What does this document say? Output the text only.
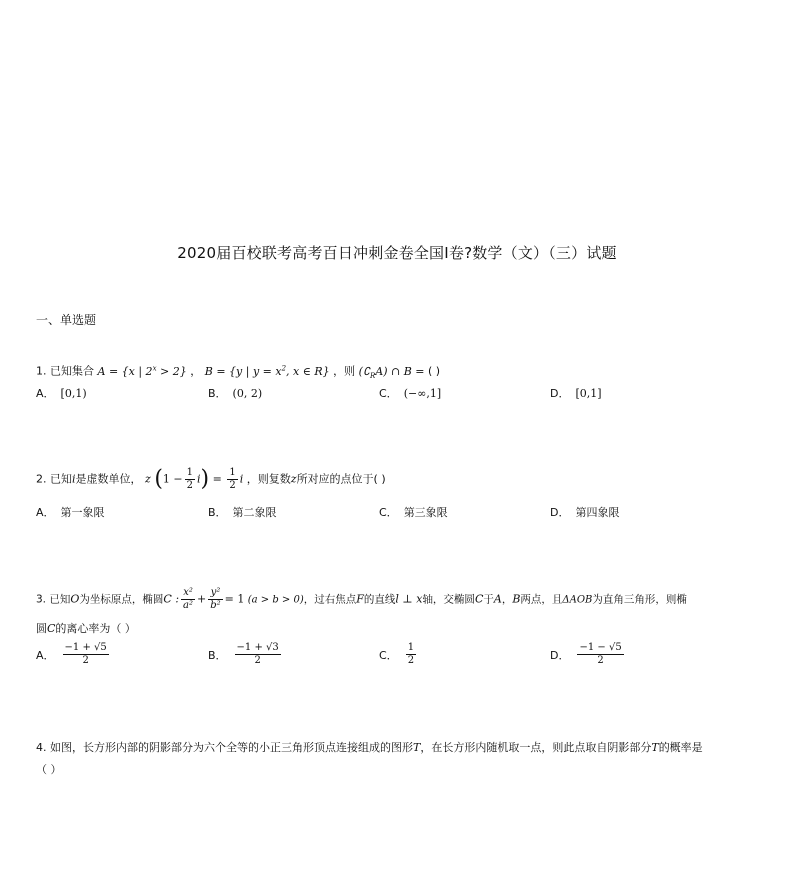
2020届百校联考高考百日冲刺金卷全国Ⅰ卷?数学（文）（三）试题
一、单选题
1. 已知集合 A = {x | $2^x > 2$} ， B = {y | $y = x^2$, x ∈ R} ，则 $(∁_RA)$ ∩ B = ( )
A． [0,1)	B． (0, 2)	C． (−∞,1]	D． [0,1]
2. 已知i是虚数单位， z $(1 - \frac{1}{2} i) = \frac{1}{2}$ i ，则复数z所对应的点位于( )
A． 第一象限	B． 第二象限	C． 第三象限	D． 第四象限
3. 已知O为坐标原点，椭圆C : $\frac{\text{x²}}{\text{a²}} + \frac{\text{y²}}{\text{b²}} = 1$ (a > b > 0)，过右焦点F的直线l ⊥ x轴，交椭圆C于A，B两点，且ΔAOB为直角三角形，则椭
圆C的离心率为（ ）
A． $\frac{-1 + √5}{2}$	B． $\frac{-1 + √3}{2}$	C． $\frac{1}{2}$	D． $\frac{-1 - √5}{2}$
4. 如图，长方形内部的阴影部分为六个全等的小正三角形顶点连接组成的图形T，在长方形内随机取一点，则此点取自阴影部分T的概率是
（ ）
